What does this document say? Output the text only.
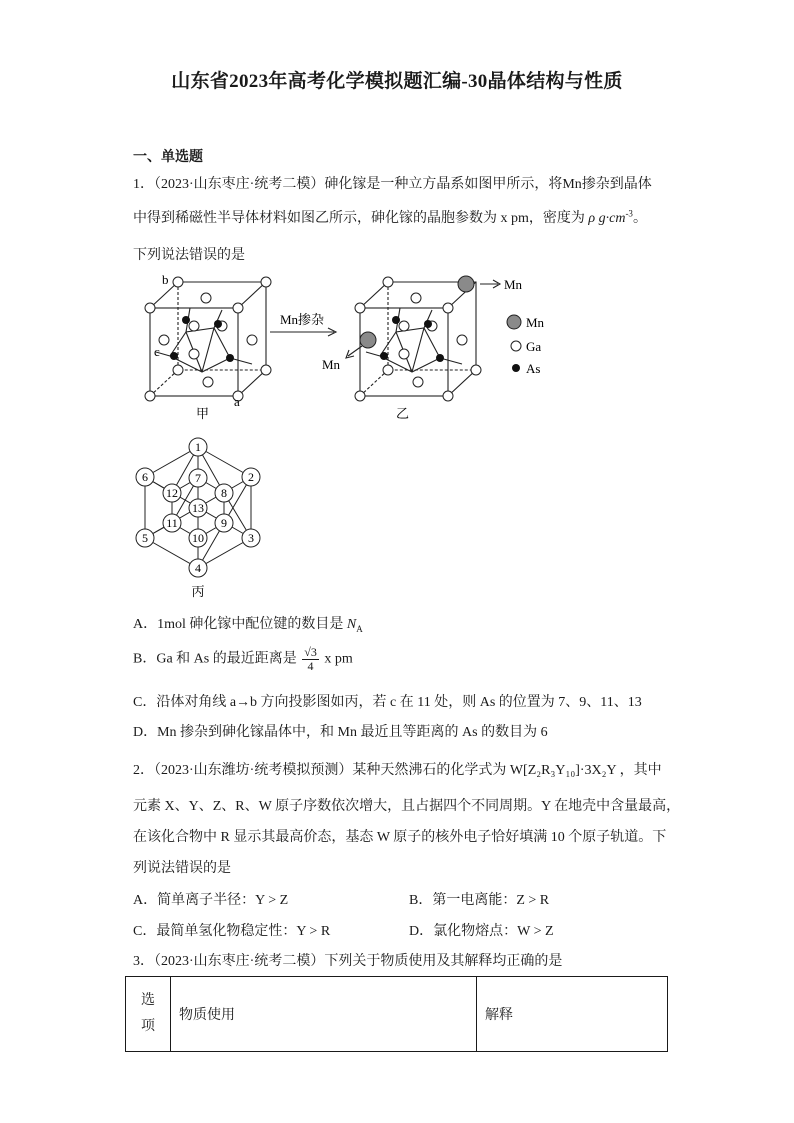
山东省2023年高考化学模拟题汇编-30晶体结构与性质
一、单选题
1．（2023·山东枣庄·统考二模）砷化镓是一种立方晶系如图甲所示，将Mn掺杂到晶体
中得到稀磁性半导体材料如图乙所示，砷化镓的晶胞参数为 x pm，密度为 ρ $g\cdot cm^{-3}$。
下列说法错误的是
b
c
a
甲
Mn掺杂
Mn
Mn
乙
Mn
Ga
As
1
2
3
4
5
6	7
8
9
10
11
12
13
丙
A．1mol 砷化镓中配位键的数目是 $N_A$
B．Ga 和 As 的最近距离是 $\frac{√3}{4}$ x pm
C．沿体对角线 a→b 方向投影图如丙，若 c 在 11 处，则 As 的位置为 7、9、11、13
D．Mn 掺杂到砷化镓晶体中，和 Mn 最近且等距离的 As 的数目为 6
2．（2023·山东潍坊·统考模拟预测）某种天然沸石的化学式为 W[Z₂R₃Y₁₀]·3X₂Y ，其中
元素 X、Y、Z、R、W 原子序数依次增大，且占据四个不同周期。Y 在地壳中含量最高，
在该化合物中 R 显示其最高价态，基态 W 原子的核外电子恰好填满 10 个原子轨道。下
列说法错误的是
A．简单离子半径：Y > Z	B．第一电离能：Z > R
C．最简单氢化物稳定性：Y > R	D．氯化物熔点：W > Z
3．（2023·山东枣庄·统考二模）下列关于物质使用及其解释均正确的是
选
项
	物质使用	解释
